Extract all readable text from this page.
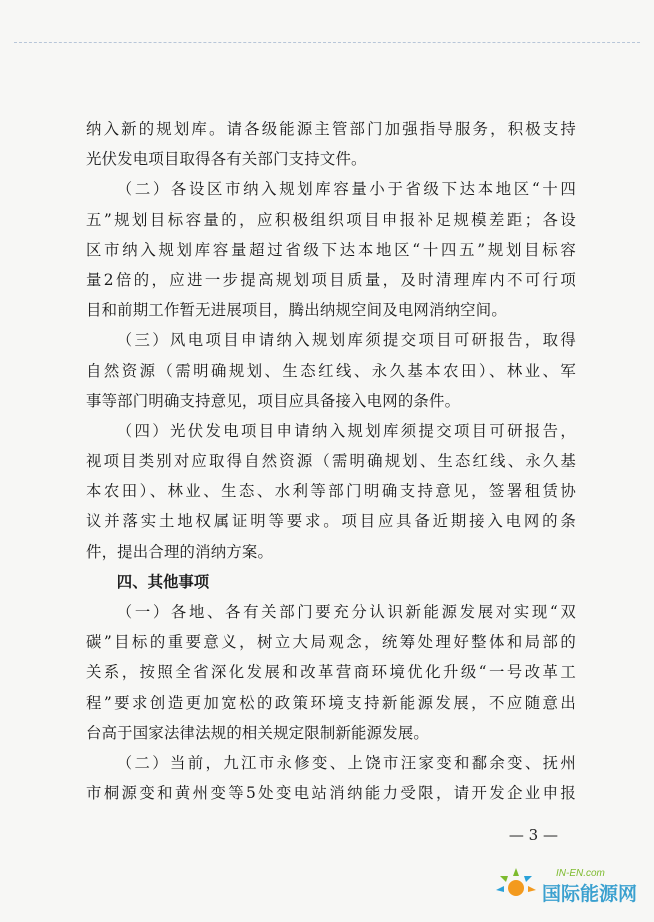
纳入新的规划库。请各级能源主管部门加强指导服务，积极支持
光伏发电项目取得各有关部门支持文件。
（二）各设区市纳入规划库容量小于省级下达本地区“十四
五”规划目标容量的，应积极组织项目申报补足规模差距；各设
区市纳入规划库容量超过省级下达本地区“十四五”规划目标容
量2倍的，应进一步提高规划项目质量，及时清理库内不可行项
目和前期工作暂无进展项目，腾出纳规空间及电网消纳空间。
（三）风电项目申请纳入规划库须提交项目可研报告，取得
自然资源（需明确规划、生态红线、永久基本农田）、林业、军
事等部门明确支持意见，项目应具备接入电网的条件。
（四）光伏发电项目申请纳入规划库须提交项目可研报告，
视项目类别对应取得自然资源（需明确规划、生态红线、永久基
本农田）、林业、生态、水利等部门明确支持意见，签署租赁协
议并落实土地权属证明等要求。项目应具备近期接入电网的条
件，提出合理的消纳方案。
四、其他事项
（一）各地、各有关部门要充分认识新能源发展对实现“双
碳”目标的重要意义，树立大局观念，统筹处理好整体和局部的
关系，按照全省深化发展和改革营商环境优化升级“一号改革工
程”要求创造更加宽松的政策环境支持新能源发展，不应随意出
台高于国家法律法规的相关规定限制新能源发展。
（二）当前，九江市永修变、上饶市汪家变和鄱余变、抚州
市桐源变和黄州变等5处变电站消纳能力受限，请开发企业申报
— 3 —
IN-EN.com
国际能源网
